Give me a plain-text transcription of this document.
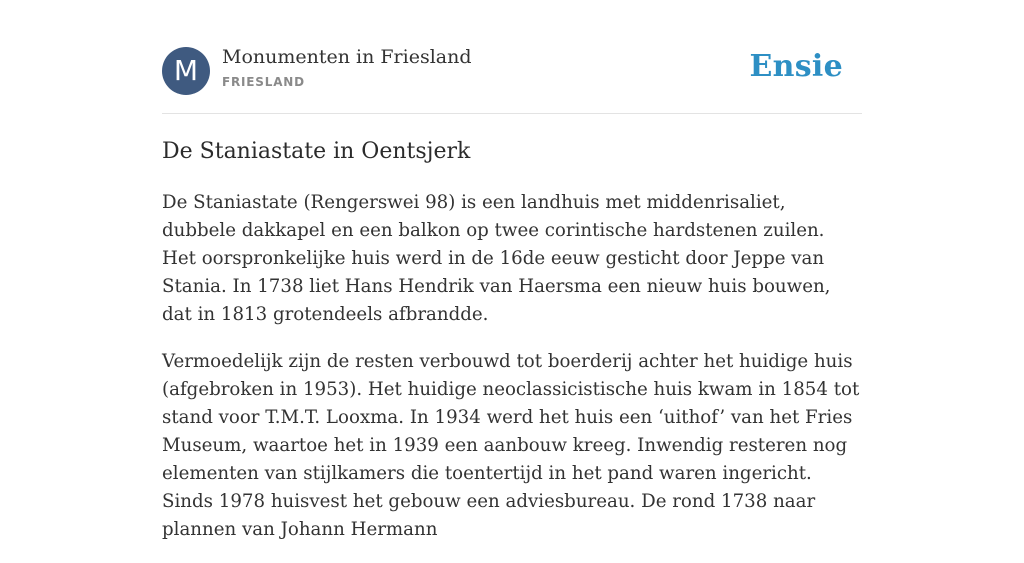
M	Monumenten in Friesland
FRIESLAND	Ensie
De Staniastate in Oentsjerk

De Staniastate (Rengerswei 98) is een landhuis met middenrisaliet, dubbele dakkapel en een balkon op twee corintische hardstenen zuilen. Het oorspronkelijke huis werd in de 16de eeuw gesticht door Jeppe van Stania. In 1738 liet Hans Hendrik van Haersma een nieuw huis bouwen, dat in 1813 grotendeels afbrandde.

Vermoedelijk zijn de resten verbouwd tot boerderij achter het huidige huis (afgebroken in 1953). Het huidige neoclassicistische huis kwam in 1854 tot stand voor T.M.T. Looxma. In 1934 werd het huis een ‘uithof’ van het Fries Museum, waartoe het in 1939 een aanbouw kreeg. Inwendig resteren nog elementen van stijlkamers die toentertijd in het pand waren ingericht. Sinds 1978 huisvest het gebouw een adviesbureau. De rond 1738 naar plannen van Johann Hermann
